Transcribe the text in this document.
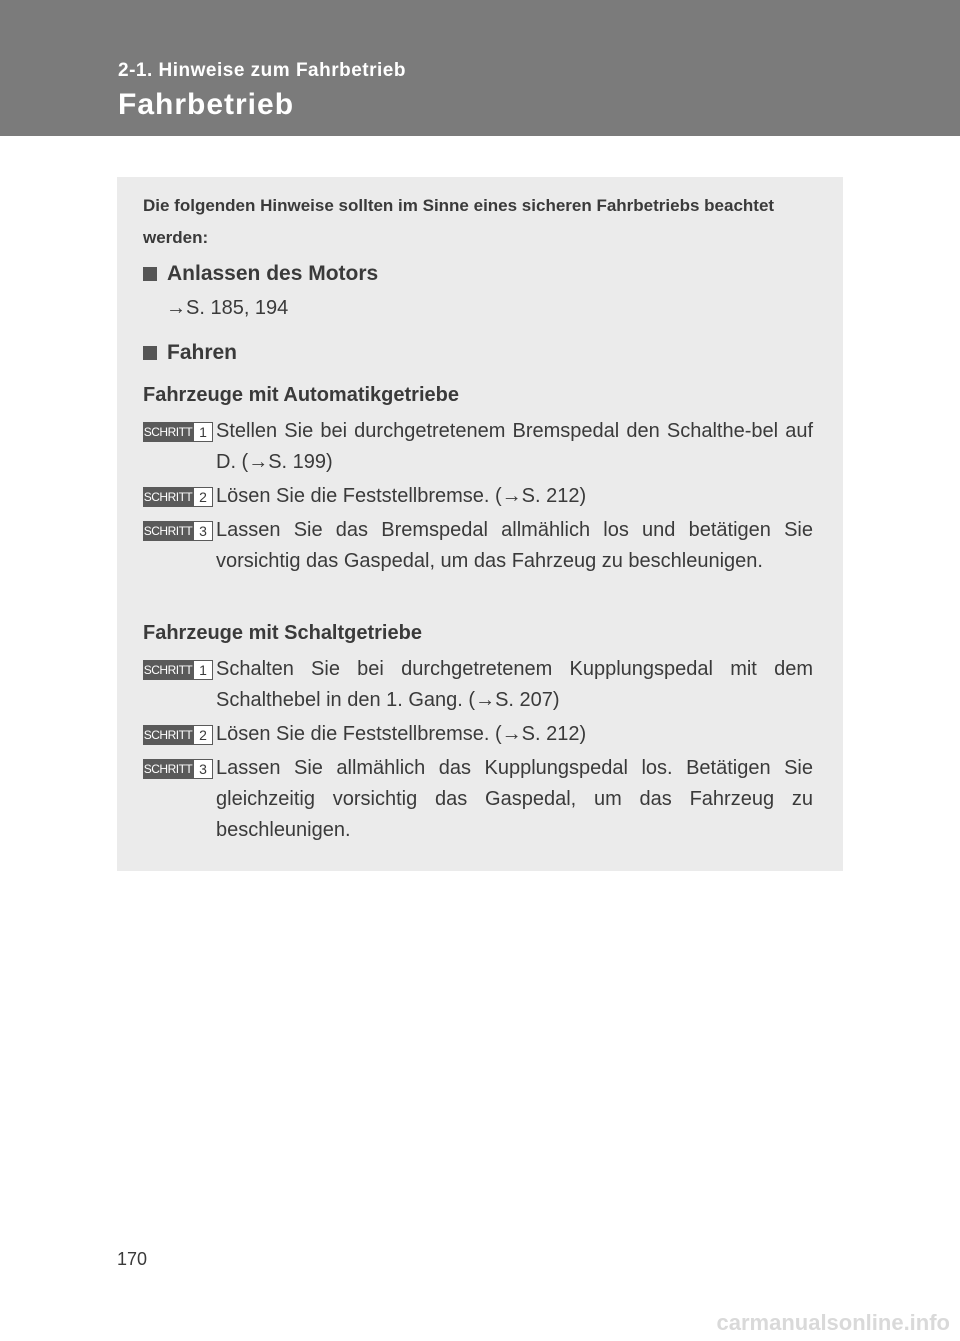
2-1. Hinweise zum Fahrbetrieb
Fahrbetrieb
Die folgenden Hinweise sollten im Sinne eines sicheren Fahrbetriebs beachtet werden:
Anlassen des Motors
→S. 185, 194
Fahren
Fahrzeuge mit Automatikgetriebe
SCHRITT 1 Stellen Sie bei durchgetretenem Bremspedal den Schalthe-bel auf D. (→S. 199)
SCHRITT 2 Lösen Sie die Feststellbremse. (→S. 212)
SCHRITT 3 Lassen Sie das Bremspedal allmählich los und betätigen Sie vorsichtig das Gaspedal, um das Fahrzeug zu beschleunigen.
Fahrzeuge mit Schaltgetriebe
SCHRITT 1 Schalten Sie bei durchgetretenem Kupplungspedal mit dem Schalthebel in den 1. Gang. (→S. 207)
SCHRITT 2 Lösen Sie die Feststellbremse. (→S. 212)
SCHRITT 3 Lassen Sie allmählich das Kupplungspedal los. Betätigen Sie gleichzeitig vorsichtig das Gaspedal, um das Fahrzeug zu beschleunigen.
170
carmanualsonline.info
